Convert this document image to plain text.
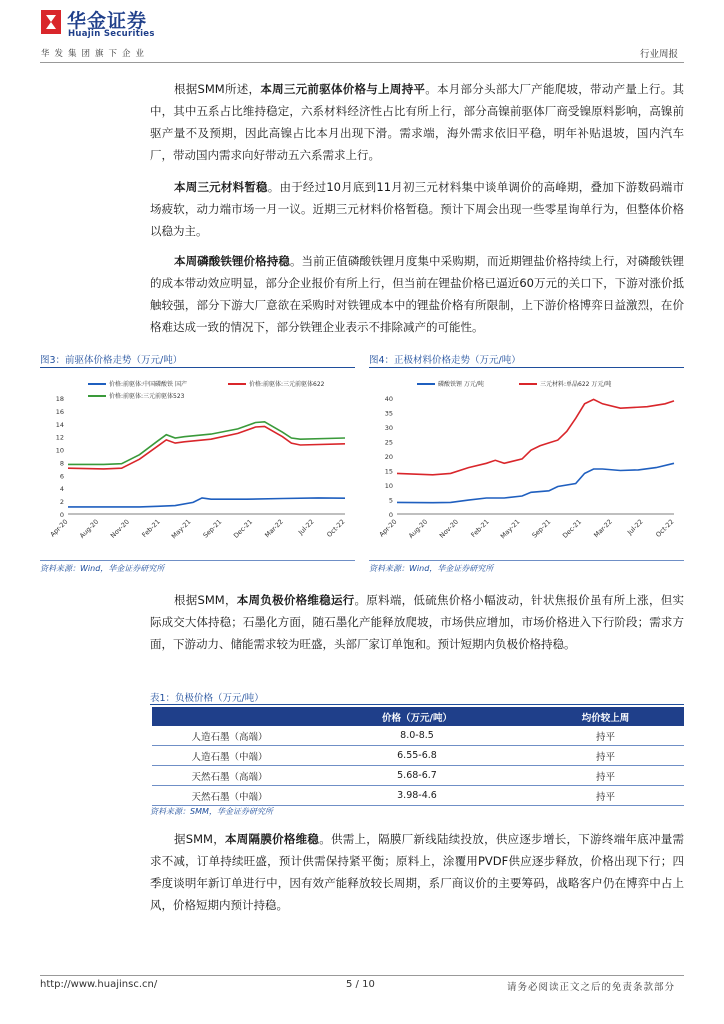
华金证券
Huajin Securities
华发集团旗下企业	行业周报
根据SMM所述，本周三元前驱体价格与上周持平。本月部分头部大厂产能爬坡，带动产量上行。其中，其中五系占比维持稳定，六系材料经济性占比有所上行，部分高镍前驱体厂商受镍原料影响，高镍前驱产量不及预期，因此高镍占比本月出现下滑。需求端，海外需求依旧平稳，明年补贴退坡，国内汽车厂，带动国内需求向好带动五六系需求上行。
本周三元材料暂稳。由于经过10月底到11月初三元材料集中谈单调价的高峰期，叠加下游数码端市场疲软，动力端市场一月一议。近期三元材料价格暂稳。预计下周会出现一些零星询单行为，但整体价格以稳为主。
本周磷酸铁锂价格持稳。当前正值磷酸铁锂月度集中采购期，而近期锂盐价格持续上行，对磷酸铁锂的成本带动效应明显，部分企业报价有所上行，但当前在锂盐价格已逼近60万元的关口下，下游对涨价抵触较强，部分下游大厂意欲在采购时对铁锂成本中的锂盐价格有所限制，上下游价格博弈日益激烈，在价格难达成一致的情况下，部分铁锂企业表示不排除减产的可能性。
图3：前驱体价格走势（万元/吨）
0
2
4
6
8
10
12
14
16
18
Apr-20 Aug-20 Nov-20 Feb-21 May-21 Sep-21 Dec-21 Mar-22 Jul-22 Oct-22
价格:前驱体:中国磷酸铁 国产	价格:前驱体:三元前驱体622
价格:前驱体:三元前驱体523
资料来源：Wind，华金证券研究所
图4：正极材料价格走势（万元/吨）
0
5
10
15
20
25
30
35
40
Apr-20 Aug-20 Nov-20 Feb-21 May-21 Sep-21 Dec-21 Mar-22 Jul-22 Oct-22
磷酸铁锂 万元/吨	三元材料:单晶622 万元/吨
资料来源：Wind，华金证券研究所
根据SMM，本周负极价格维稳运行。原料端，低硫焦价格小幅波动，针状焦报价虽有所上涨，但实际成交大体持稳；石墨化方面，随石墨化产能释放爬坡，市场供应增加，市场价格进入下行阶段；需求方面，下游动力、储能需求较为旺盛，头部厂家订单饱和。预计短期内负极价格持稳。
表1：负极价格（万元/吨）
	价格（万元/吨）	均价较上周
人造石墨（高端）	8.0-8.5	持平
人造石墨（中端）	6.55-6.8	持平
天然石墨（高端）	5.68-6.7	持平
天然石墨（中端）	3.98-4.6	持平
资料来源：SMM，华金证券研究所
据SMM，本周隔膜价格维稳。供需上，隔膜厂新线陆续投放，供应逐步增长，下游终端年底冲量需求不减，订单持续旺盛，预计供需保持紧平衡；原料上，涂覆用PVDF供应逐步释放，价格出现下行；四季度谈明年新订单进行中，因有效产能释放较长周期，系厂商议价的主要筹码，战略客户仍在博弈中占上风，价格短期内预计持稳。
http://www.huajinsc.cn/	5 / 10	请务必阅读正文之后的免责条款部分
